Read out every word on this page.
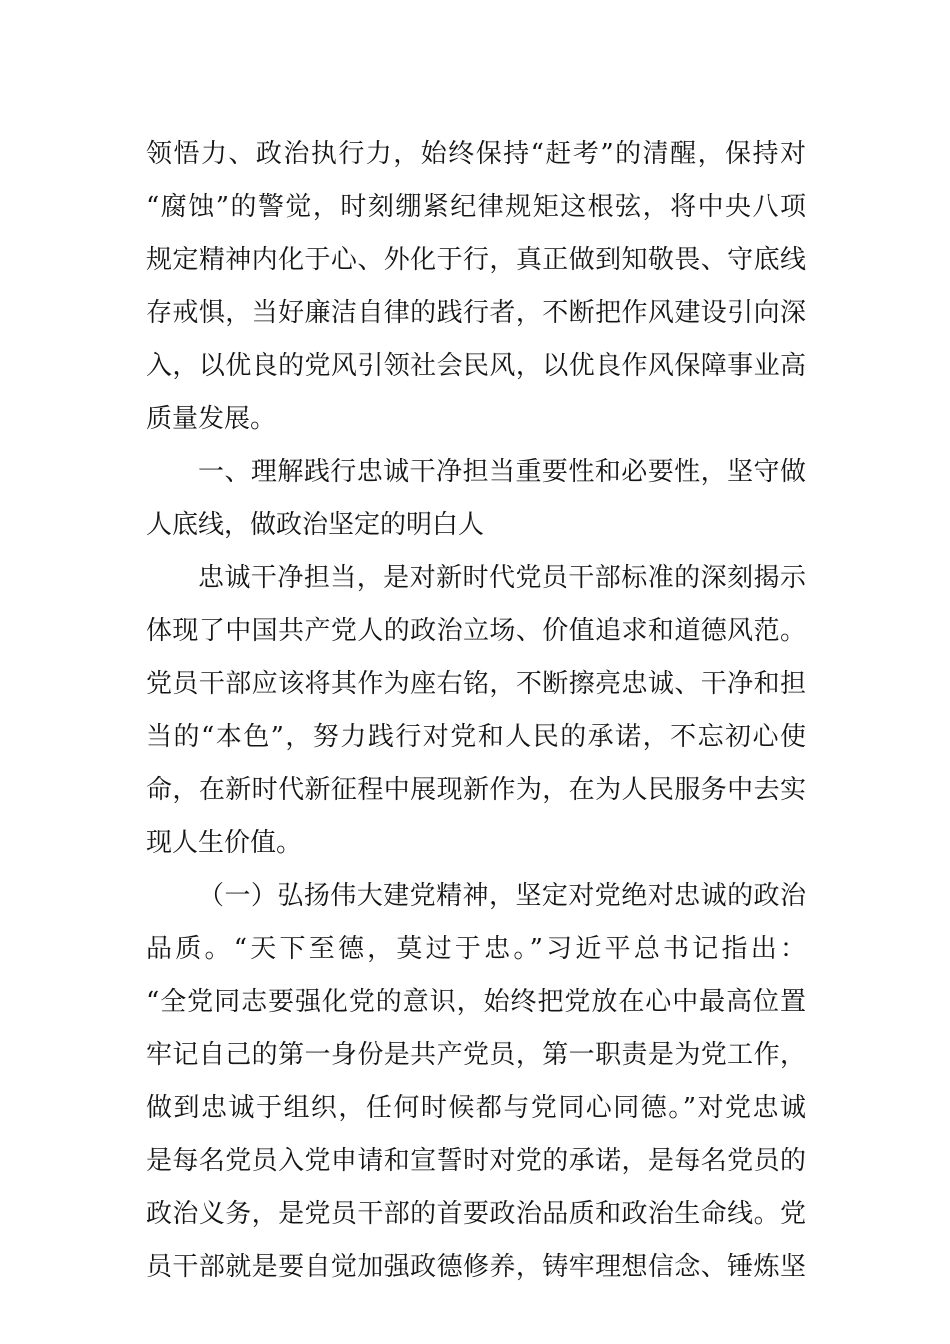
领悟力、政治执行力，始终保持“赶考”的清醒，保持对
“腐蚀”的警觉，时刻绷紧纪律规矩这根弦，将中央八项
规定精神内化于心、外化于行，真正做到知敬畏、守底线
存戒惧，当好廉洁自律的践行者，不断把作风建设引向深
入，以优良的党风引领社会民风，以优良作风保障事业高
质量发展。
一、理解践行忠诚干净担当重要性和必要性，坚守做
人底线，做政治坚定的明白人
忠诚干净担当，是对新时代党员干部标准的深刻揭示
体现了中国共产党人的政治立场、价值追求和道德风范。
党员干部应该将其作为座右铭，不断擦亮忠诚、干净和担
当的“本色”，努力践行对党和人民的承诺，不忘初心使
命，在新时代新征程中展现新作为，在为人民服务中去实
现人生价值。
（一）弘扬伟大建党精神，坚定对党绝对忠诚的政治
品质。“天下至德，莫过于忠。”习近平总书记指出：
“全党同志要强化党的意识，始终把党放在心中最高位置
牢记自己的第一身份是共产党员，第一职责是为党工作，
做到忠诚于组织，任何时候都与党同心同德。”对党忠诚
是每名党员入党申请和宣誓时对党的承诺，是每名党员的
政治义务，是党员干部的首要政治品质和政治生命线。党
员干部就是要自觉加强政德修养，铸牢理想信念、锤炼坚
